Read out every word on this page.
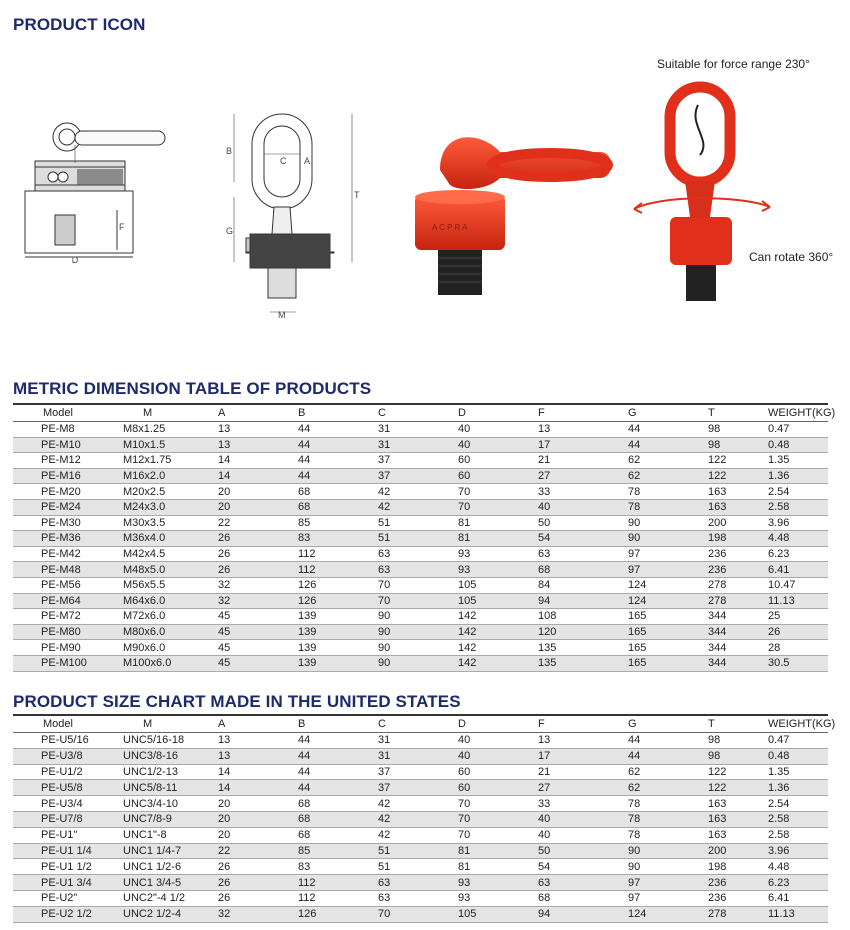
PRODUCT ICON
METRIC DIMENSION TABLE OF PRODUCTS
PRODUCT SIZE CHART MADE IN THE UNITED STATES
D
F
B
C A
G
T
M
A C P R A
Suitable for force range 230°
Can rotate 360°
Model	M	A	B	C	D	F	G	T	WEIGHT(KG)
PE-M8	M8x1.25	13	44	31	40	13	44	98	0.47
PE-M10	M10x1.5	13	44	31	40	17	44	98	0.48
PE-M12	M12x1.75	14	44	37	60	21	62	122	1.35
PE-M16	M16x2.0	14	44	37	60	27	62	122	1.36
PE-M20	M20x2.5	20	68	42	70	33	78	163	2.54
PE-M24	M24x3.0	20	68	42	70	40	78	163	2.58
PE-M30	M30x3.5	22	85	51	81	50	90	200	3.96
PE-M36	M36x4.0	26	83	51	81	54	90	198	4.48
PE-M42	M42x4.5	26	112	63	93	63	97	236	6.23
PE-M48	M48x5.0	26	112	63	93	68	97	236	6.41
PE-M56	M56x5.5	32	126	70	105	84	124	278	10.47
PE-M64	M64x6.0	32	126	70	105	94	124	278	11.13
PE-M72	M72x6.0	45	139	90	142	108	165	344	25
PE-M80	M80x6.0	45	139	90	142	120	165	344	26
PE-M90	M90x6.0	45	139	90	142	135	165	344	28
PE-M100	M100x6.0	45	139	90	142	135	165	344	30.5
Model	M	A	B	C	D	F	G	T	WEIGHT(KG)
PE-U5/16	UNC5/16-18	13	44	31	40	13	44	98	0.47
PE-U3/8	UNC3/8-16	13	44	31	40	17	44	98	0.48
PE-U1/2	UNC1/2-13	14	44	37	60	21	62	122	1.35
PE-U5/8	UNC5/8-11	14	44	37	60	27	62	122	1.36
PE-U3/4	UNC3/4-10	20	68	42	70	33	78	163	2.54
PE-U7/8	UNC7/8-9	20	68	42	70	40	78	163	2.58
PE-U1"	UNC1"-8	20	68	42	70	40	78	163	2.58
PE-U1 1/4	UNC1 1/4-7	22	85	51	81	50	90	200	3.96
PE-U1 1/2	UNC1 1/2-6	26	83	51	81	54	90	198	4.48
PE-U1 3/4	UNC1 3/4-5	26	112	63	93	63	97	236	6.23
PE-U2"	UNC2"-4 1/2	26	112	63	93	68	97	236	6.41
PE-U2 1/2	UNC2 1/2-4	32	126	70	105	94	124	278	11.13
